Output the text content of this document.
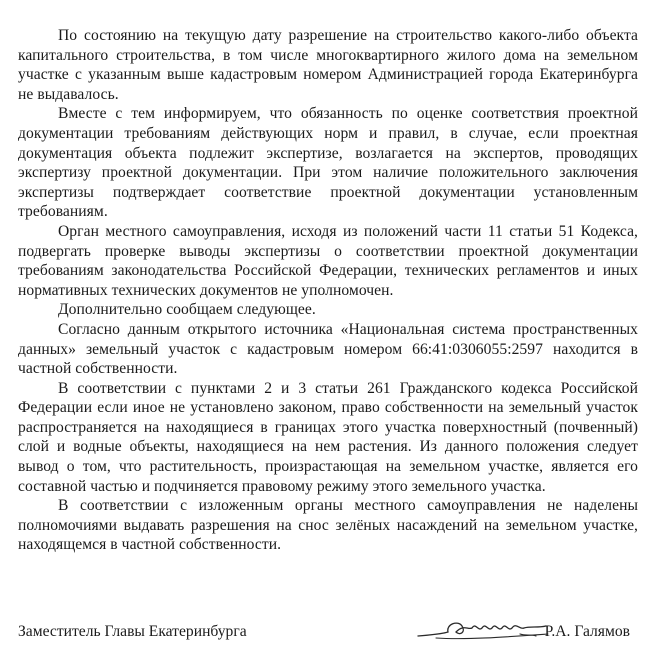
По состоянию на текущую дату разрешение на строительство какого-либо объекта капитального строительства, в том числе многоквартирного жилого дома на земельном участке с указанным выше кадастровым номером Администрацией города Екатеринбурга не выдавалось.

Вместе с тем информируем, что обязанность по оценке соответствия проектной документации требованиям действующих норм и правил, в случае, если проектная документация объекта подлежит экспертизе, возлагается на экспертов, проводящих экспертизу проектной документации. При этом наличие положительного заключения экспертизы подтверждает соответствие проектной документации установленным требованиям.

Орган местного самоуправления, исходя из положений части 11 статьи 51 Кодекса, подвергать проверке выводы экспертизы о соответствии проектной документации требованиям законодательства Российской Федерации, технических регламентов и иных нормативных технических документов не уполномочен.

Дополнительно сообщаем следующее.

Согласно данным открытого источника «Национальная система пространственных данных» земельный участок с кадастровым номером 66:41:0306055:2597 находится в частной собственности.

В соответствии с пунктами 2 и 3 статьи 261 Гражданского кодекса Российской Федерации если иное не установлено законом, право собственности на земельный участок распространяется на находящиеся в границах этого участка поверхностный (почвенный) слой и водные объекты, находящиеся на нем растения. Из данного положения следует вывод о том, что растительность, произрастающая на земельном участке, является его составной частью и подчиняется правовому режиму этого земельного участка.

В соответствии с изложенным органы местного самоуправления не наделены полномочиями выдавать разрешения на снос зелёных насаждений на земельном участке, находящемся в частной собственности.

Заместитель Главы Екатеринбурга	Р.А. Галямов
